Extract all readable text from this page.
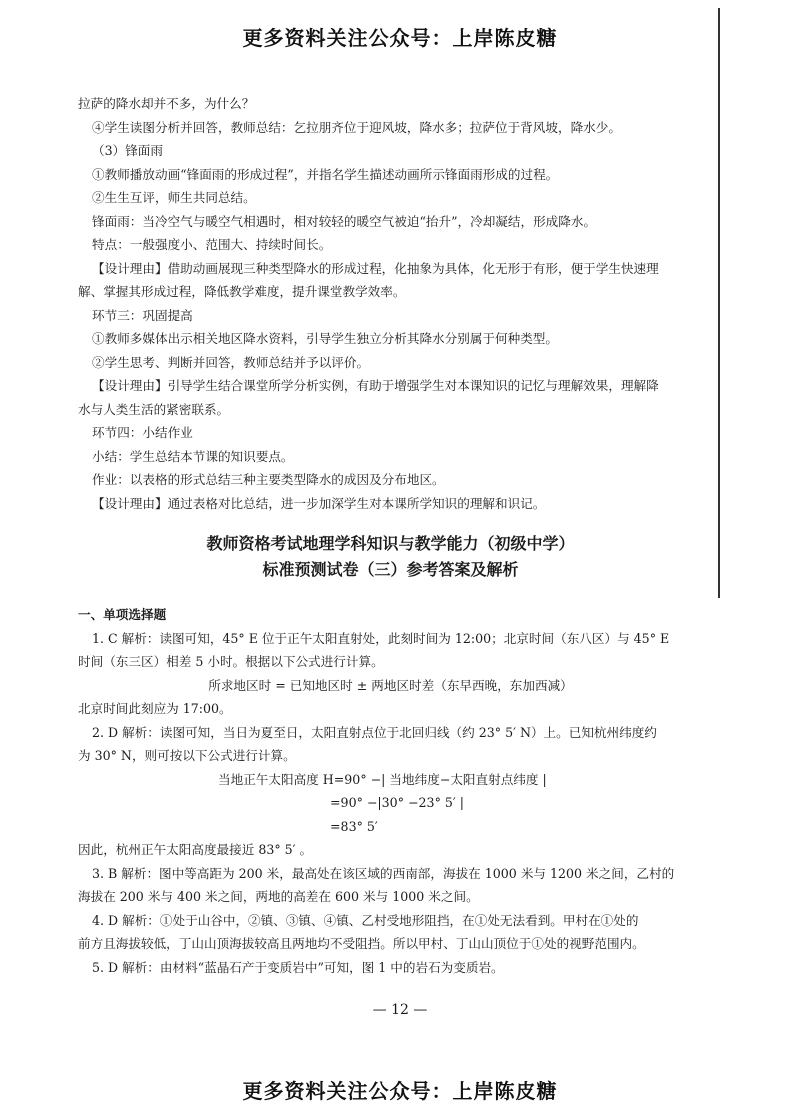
更多资料关注公众号：上岸陈皮糖
拉萨的降水却并不多，为什么？
④学生读图分析并回答，教师总结：乞拉朋齐位于迎风坡，降水多；拉萨位于背风坡，降水少。
（3）锋面雨
①教师播放动画“锋面雨的形成过程”，并指名学生描述动画所示锋面雨形成的过程。
②生生互评，师生共同总结。
锋面雨：当冷空气与暖空气相遇时，相对较轻的暖空气被迫“抬升”，冷却凝结，形成降水。
特点：一般强度小、范围大、持续时间长。
【设计理由】借助动画展现三种类型降水的形成过程，化抽象为具体，化无形于有形，便于学生快速理
解、掌握其形成过程，降低教学难度，提升课堂教学效率。
环节三：巩固提高
①教师多媒体出示相关地区降水资料，引导学生独立分析其降水分别属于何种类型。
②学生思考、判断并回答，教师总结并予以评价。
【设计理由】引导学生结合课堂所学分析实例，有助于增强学生对本课知识的记忆与理解效果，理解降
水与人类生活的紧密联系。
环节四：小结作业
小结：学生总结本节课的知识要点。
作业：以表格的形式总结三种主要类型降水的成因及分布地区。
【设计理由】通过表格对比总结，进一步加深学生对本课所学知识的理解和识记。
教师资格考试地理学科知识与教学能力（初级中学）
标准预测试卷（三）参考答案及解析
一、单项选择题
1. C 解析：读图可知，45° E 位于正午太阳直射处，此刻时间为 12:00；北京时间（东八区）与 45° E
时间（东三区）相差 5 小时。根据以下公式进行计算。
所求地区时 = 已知地区时 ± 两地区时差（东早西晚，东加西减）
北京时间此刻应为 17:00。
2. D 解析：读图可知，当日为夏至日，太阳直射点位于北回归线（约 23° 5′ N）上。已知杭州纬度约
为 30° N，则可按以下公式进行计算。
当地正午太阳高度 H=90° −| 当地纬度−太阳直射点纬度 |
=90° −|30° −23° 5′ |
=83° 5′
因此，杭州正午太阳高度最接近 83° 5′ 。
3. B 解析：图中等高距为 200 米，最高处在该区域的西南部，海拔在 1000 米与 1200 米之间，乙村的
海拔在 200 米与 400 米之间，两地的高差在 600 米与 1000 米之间。
4. D 解析：①处于山谷中，②镇、③镇、④镇、乙村受地形阻挡，在①处无法看到。甲村在①处的
前方且海拔较低，丁山山顶海拔较高且两地均不受阻挡。所以甲村、丁山山顶位于①处的视野范围内。
5. D 解析：由材料“蓝晶石产于变质岩中”可知，图 1 中的岩石为变质岩。
— 12 —
更多资料关注公众号：上岸陈皮糖
